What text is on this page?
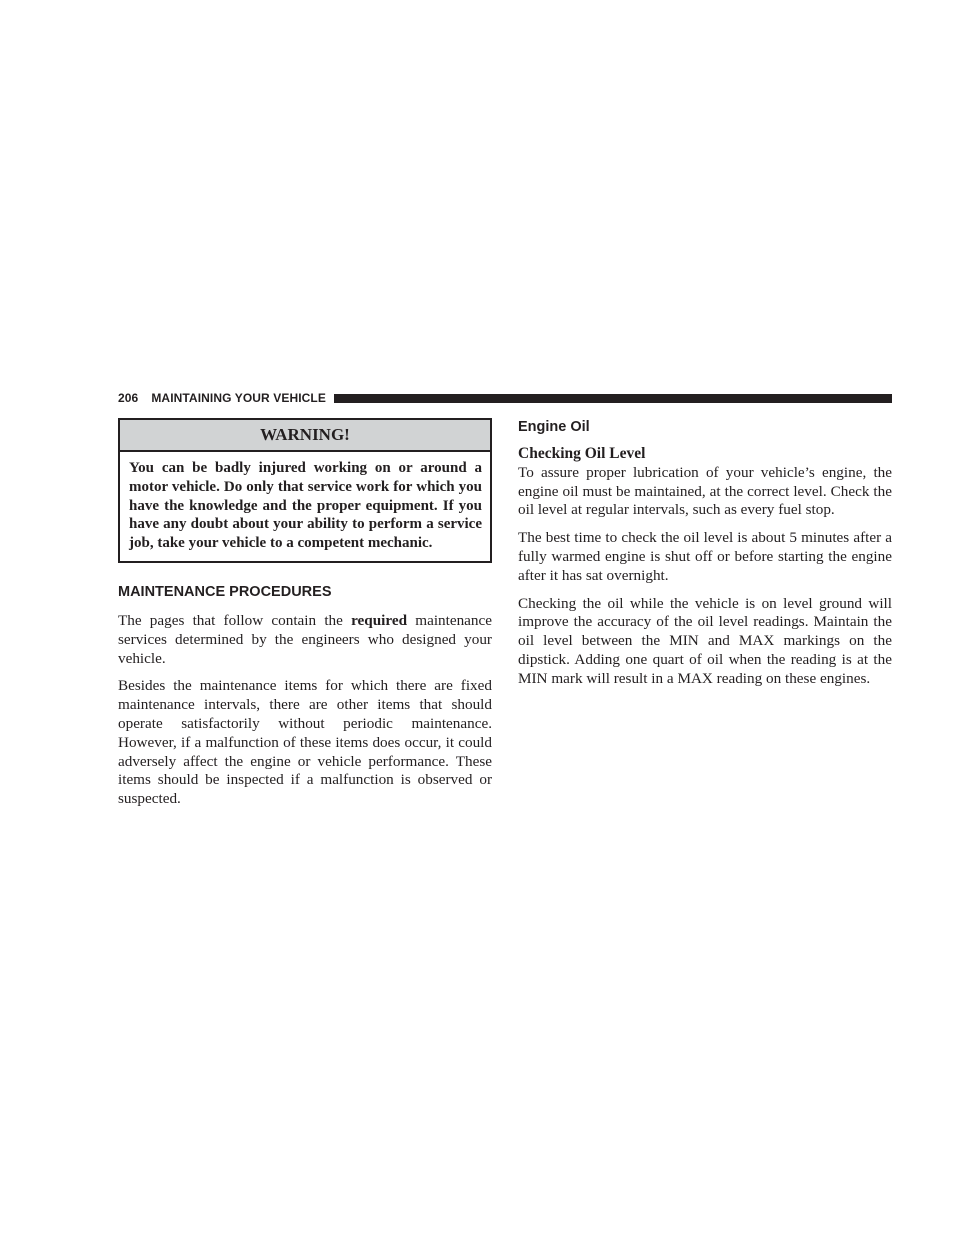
206 MAINTAINING YOUR VEHICLE
WARNING!
You can be badly injured working on or around a motor vehicle. Do only that service work for which you have the knowledge and the proper equipment. If you have any doubt about your ability to perform a service job, take your vehicle to a competent mechanic.
MAINTENANCE PROCEDURES

The pages that follow contain the required maintenance services determined by the engineers who designed your vehicle.

Besides the maintenance items for which there are fixed maintenance intervals, there are other items that should operate satisfactorily without periodic maintenance. However, if a malfunction of these items does occur, it could adversely affect the engine or vehicle performance. These items should be inspected if a malfunction is observed or suspected.

Engine Oil
Checking Oil Level

To assure proper lubrication of your vehicle’s engine, the engine oil must be maintained, at the correct level. Check the oil level at regular intervals, such as every fuel stop.

The best time to check the oil level is about 5 minutes after a fully warmed engine is shut off or before starting the engine after it has sat overnight.

Checking the oil while the vehicle is on level ground will improve the accuracy of the oil level readings. Maintain the oil level between the MIN and MAX markings on the dipstick. Adding one quart of oil when the reading is at the MIN mark will result in a MAX reading on these engines.
